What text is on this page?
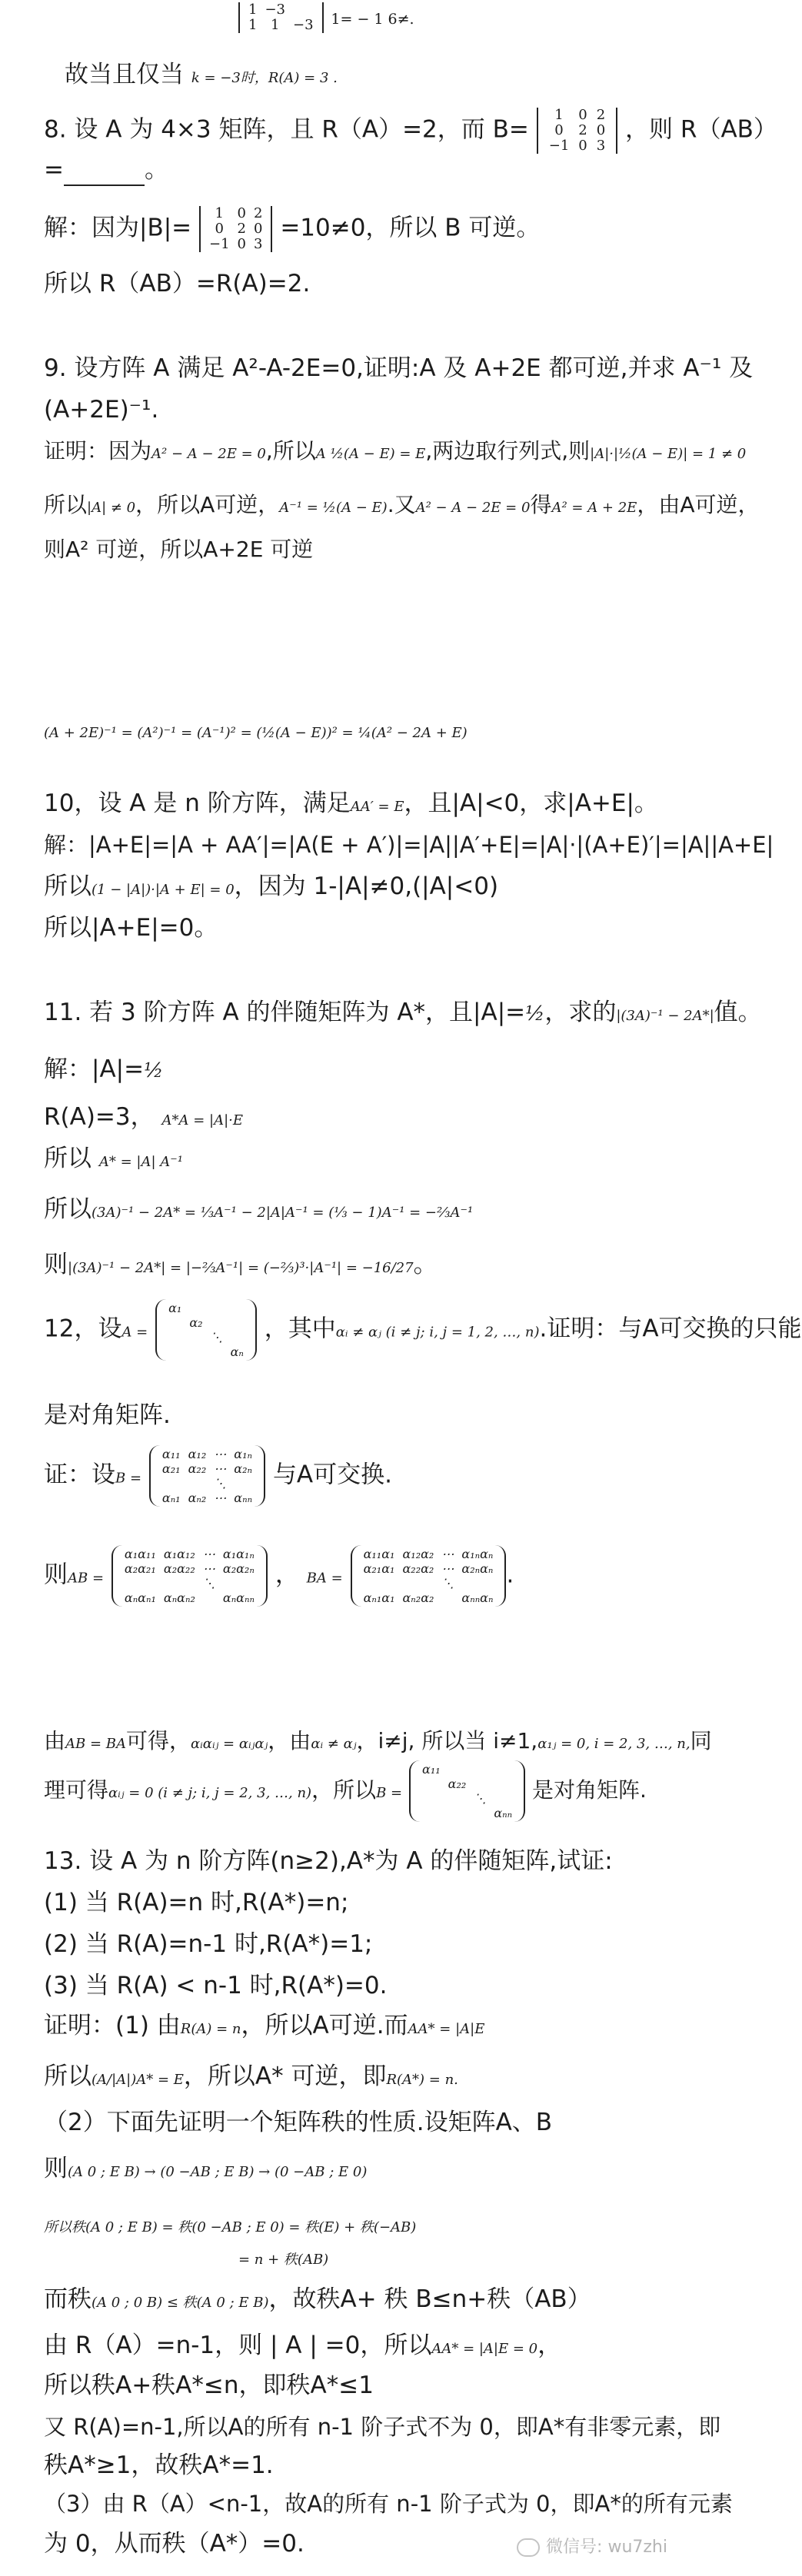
1	−3	
1	1	−3 1= − 1 6≠.
故当且仅当 k = −3时，R(A) = 3 .
8. 设 A 为 4×3 矩阵，且 R（A）=2，而 B=
1	0	2
0	2	0
−1	0	3
，则 R（AB）
=	。
解：因为|B|=
1	0	2
0	2	0
−1	0	3
=10≠0，所以 B 可逆。
所以 R（AB）=R(A)=2.
9. 设方阵 A 满足 A²-A-2E=0,证明:A 及 A+2E 都可逆,并求 A⁻¹ 及
(A+2E)⁻¹.
证明：因为A² − A − 2E = 0,所以A ½(A − E) = E,两边取行列式,则|A|·|½(A − E)| = 1 ≠ 0
所以|A| ≠ 0，所以A可逆，A⁻¹ = ½(A − E).又A² − A − 2E = 0得A² = A + 2E，由A可逆，
则A² 可逆，所以A+2E 可逆
(A + 2E)⁻¹ = (A²)⁻¹ = (A⁻¹)² = (½(A − E))² = ¼(A² − 2A + E)
10，设 A 是 n 阶方阵，满足AA′ = E，且|A|<0，求|A+E|。
解：|A+E|=|A + AA′|=|A(E + A′)|=|A||A′+E|=|A|·|(A+E)′|=|A||A+E|
所以(1 − |A|)·|A + E| = 0，因为 1-|A|≠0,(|A|<0)
所以|A+E|=0。
11. 若 3 阶方阵 A 的伴随矩阵为 A*，且|A|=½，求的|(3A)⁻¹ − 2A*|值。
解：|A|=½
R(A)=3， A*A = |A|·E
所以 A* = |A| A⁻¹
所以(3A)⁻¹ − 2A* = ⅓A⁻¹ − 2|A|A⁻¹ = (⅓ − 1)A⁻¹ = −⅔A⁻¹
则|(3A)⁻¹ − 2A*| = |−⅔A⁻¹| = (−⅔)³·|A⁻¹| = −16/27。
12，设A =
α₁			
	α₂		
		⋱	
			αₙ
，其中αᵢ ≠ αⱼ (i ≠ j; i, j = 1, 2, …, n).证明：与A可交换的只能
是对角矩阵.
证：设B =
α₁₁	α₁₂	⋯	α₁ₙ
α₂₁	α₂₂	⋯	α₂ₙ
		⋱	
αₙ₁	αₙ₂	⋯	αₙₙ
与A可交换.
则AB =
α₁α₁₁	α₁α₁₂	⋯	α₁α₁ₙ
α₂α₂₁	α₂α₂₂	⋯	α₂α₂ₙ
		⋱	
αₙαₙ₁	αₙαₙ₂		αₙαₙₙ
， BA =
α₁₁α₁	α₁₂α₂	⋯	α₁ₙαₙ
α₂₁α₁	α₂₂α₂	⋯	α₂ₙαₙ
		⋱	
αₙ₁α₁	αₙ₂α₂		αₙₙαₙ
.
由AB = BA可得，αᵢαᵢⱼ = αᵢⱼαⱼ，由αᵢ ≠ αⱼ，i≠j, 所以当 i≠1,α₁ⱼ = 0, i = 2, 3, …, n,同
理可得αᵢⱼ = 0 (i ≠ j; i, j = 2, 3, …, n)，所以B =
α₁₁			
	α₂₂		
		⋱	
			αₙₙ
是对角矩阵.
13. 设 A 为 n 阶方阵(n≥2),A*为 A 的伴随矩阵,试证:
(1) 当 R(A)=n 时,R(A*)=n;
(2) 当 R(A)=n-1 时,R(A*)=1;
(3) 当 R(A) < n-1 时,R(A*)=0.
证明：(1) 由R(A) = n，所以A可逆.而AA* = |A|E
所以(A/|A|)A* = E，所以A* 可逆，即R(A*) = n.
（2）下面先证明一个矩阵秩的性质.设矩阵A、B
则(A 0 ; E B) → (0 −AB ; E B) → (0 −AB ; E 0)
所以秩(A 0 ; E B) = 秩(0 −AB ; E 0) = 秩(E) + 秩(−AB)
= n + 秩(AB)
而秩(A 0 ; 0 B) ≤ 秩(A 0 ; E B)，故秩A+ 秩 B≤n+秩（AB）
由 R（A）=n-1，则 | A | =0，所以AA* = |A|E = 0，
所以秩A+秩A*≤n，即秩A*≤1
又 R(A)=n-1,所以A的所有 n-1 阶子式不为 0，即A*有非零元素，即
秩A*≥1，故秩A*=1.
（3）由 R（A）<n-1，故A的所有 n-1 阶子式为 0，即A*的所有元素
为 0，从而秩（A*）=0.	微信号: wu7zhi
